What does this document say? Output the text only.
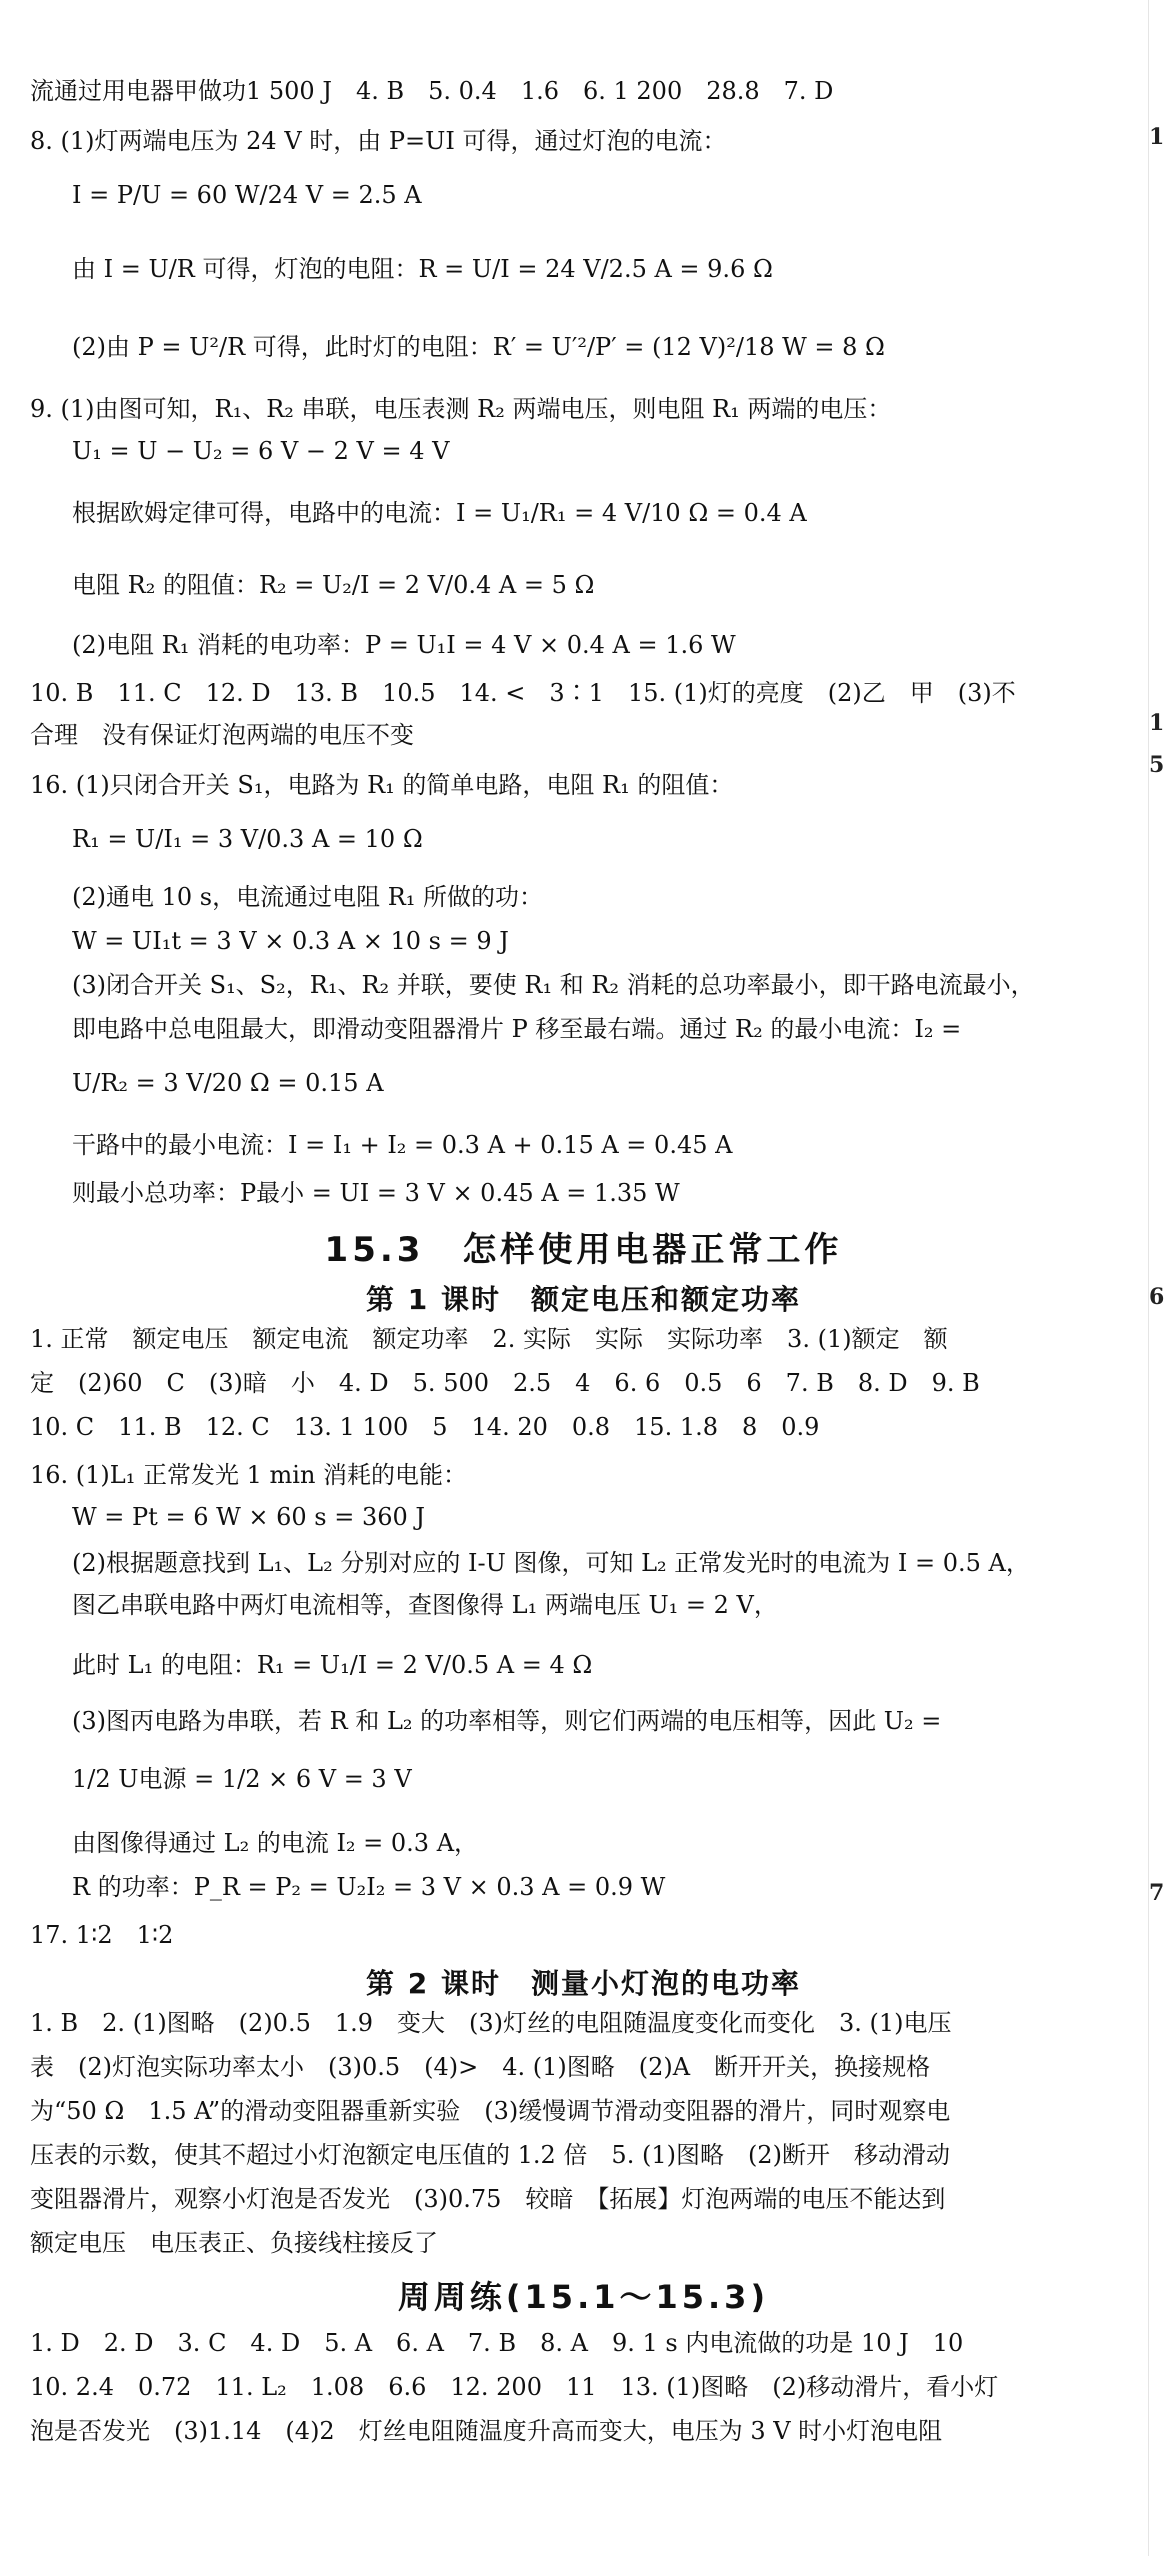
流通过用电器甲做功1 500 J　4. B　5. 0.4　1.6　6. 1 200　28.8　7. D
8. (1)灯两端电压为 24 V 时，由 P=UI 可得，通过灯泡的电流：
I = P/U = 60 W/24 V = 2.5 A
由 I = U/R 可得，灯泡的电阻：R = U/I = 24 V/2.5 A = 9.6 Ω
(2)由 P = U²/R 可得，此时灯的电阻：R′ = U′²/P′ = (12 V)²/18 W = 8 Ω
9. (1)由图可知，R₁、R₂ 串联，电压表测 R₂ 两端电压，则电阻 R₁ 两端的电压：
U₁ = U − U₂ = 6 V − 2 V = 4 V
根据欧姆定律可得，电路中的电流：I = U₁/R₁ = 4 V/10 Ω = 0.4 A
电阻 R₂ 的阻值：R₂ = U₂/I = 2 V/0.4 A = 5 Ω
(2)电阻 R₁ 消耗的电功率：P = U₁I = 4 V × 0.4 A = 1.6 W
10. B　11. C　12. D　13. B　10.5　14. <　3∶1　15. (1)灯的亮度　(2)乙　甲　(3)不
合理　没有保证灯泡两端的电压不变
16. (1)只闭合开关 S₁，电路为 R₁ 的简单电路，电阻 R₁ 的阻值：
R₁ = U/I₁ = 3 V/0.3 A = 10 Ω
(2)通电 10 s，电流通过电阻 R₁ 所做的功：
W = UI₁t = 3 V × 0.3 A × 10 s = 9 J
(3)闭合开关 S₁、S₂，R₁、R₂ 并联，要使 R₁ 和 R₂ 消耗的总功率最小，即干路电流最小，
即电路中总电阻最大，即滑动变阻器滑片 P 移至最右端。通过 R₂ 的最小电流：I₂ =
U/R₂ = 3 V/20 Ω = 0.15 A
干路中的最小电流：I = I₁ + I₂ = 0.3 A + 0.15 A = 0.45 A
则最小总功率：P最小 = UI = 3 V × 0.45 A = 1.35 W
15.3　怎样使用电器正常工作
第 1 课时　额定电压和额定功率
1. 正常　额定电压　额定电流　额定功率　2. 实际　实际　实际功率　3. (1)额定　额
定　(2)60　C　(3)暗　小　4. D　5. 500　2.5　4　6. 6　0.5　6　7. B　8. D　9. B
10. C　11. B　12. C　13. 1 100　5　14. 20　0.8　15. 1.8　8　0.9
16. (1)L₁ 正常发光 1 min 消耗的电能：
W = Pt = 6 W × 60 s = 360 J
(2)根据题意找到 L₁、L₂ 分别对应的 I-U 图像，可知 L₂ 正常发光时的电流为 I = 0.5 A，
图乙串联电路中两灯电流相等，查图像得 L₁ 两端电压 U₁ = 2 V，
此时 L₁ 的电阻：R₁ = U₁/I = 2 V/0.5 A = 4 Ω
(3)图丙电路为串联，若 R 和 L₂ 的功率相等，则它们两端的电压相等，因此 U₂ =
1/2 U电源 = 1/2 × 6 V = 3 V
由图像得通过 L₂ 的电流 I₂ = 0.3 A，
R 的功率：P_R = P₂ = U₂I₂ = 3 V × 0.3 A = 0.9 W
17. 1∶2　1∶2
第 2 课时　测量小灯泡的电功率
1. B　2. (1)图略　(2)0.5　1.9　变大　(3)灯丝的电阻随温度变化而变化　3. (1)电压
表　(2)灯泡实际功率太小　(3)0.5　(4)>　4. (1)图略　(2)A　断开开关，换接规格
为“50 Ω　1.5 A”的滑动变阻器重新实验　(3)缓慢调节滑动变阻器的滑片，同时观察电
压表的示数，使其不超过小灯泡额定电压值的 1.2 倍　5. (1)图略　(2)断开　移动滑动
变阻器滑片，观察小灯泡是否发光　(3)0.75　较暗　【拓展】灯泡两端的电压不能达到
额定电压　电压表正、负接线柱接反了
周周练(15.1～15.3)
1. D　2. D　3. C　4. D　5. A　6. A　7. B　8. A　9. 1 s 内电流做的功是 10 J　10
10. 2.4　0.72　11. L₂　1.08　6.6　12. 200　11　13. (1)图略　(2)移动滑片，看小灯
泡是否发光　(3)1.14　(4)2　灯丝电阻随温度升高而变大，电压为 3 V 时小灯泡电阻
1
1
5
6
7
